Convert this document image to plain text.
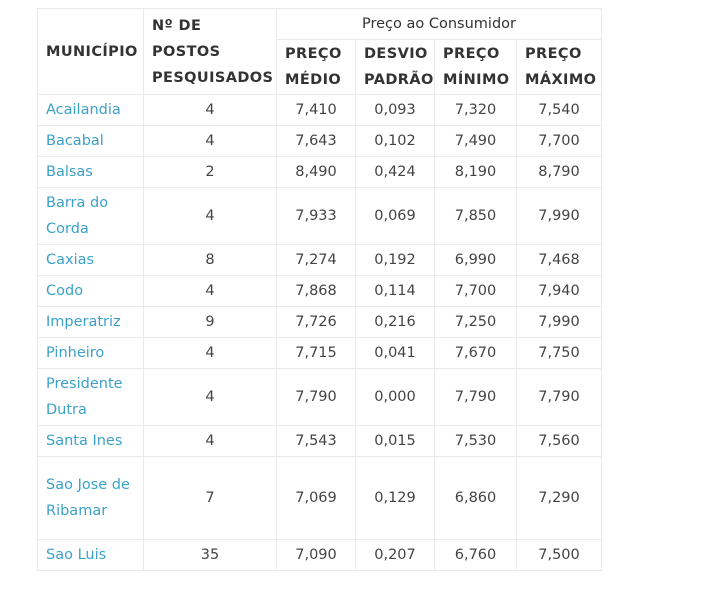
MUNICÍPIO	Nº DE POSTOS PESQUISADOS	Preço ao Consumidor			
		PREÇO MÉDIO	DESVIO PADRÃO	PREÇO MÍNIMO	PREÇO MÁXIMO
Acailandia	4	7,410	0,093	7,320	7,540
Bacabal	4	7,643	0,102	7,490	7,700
Balsas	2	8,490	0,424	8,190	8,790
Barra do Corda	4	7,933	0,069	7,850	7,990
Caxias	8	7,274	0,192	6,990	7,468
Codo	4	7,868	0,114	7,700	7,940
Imperatriz	9	7,726	0,216	7,250	7,990
Pinheiro	4	7,715	0,041	7,670	7,750
Presidente Dutra	4	7,790	0,000	7,790	7,790
Santa Ines	4	7,543	0,015	7,530	7,560
Sao Jose de Ribamar	7	7,069	0,129	6,860	7,290
Sao Luis	35	7,090	0,207	6,760	7,500
